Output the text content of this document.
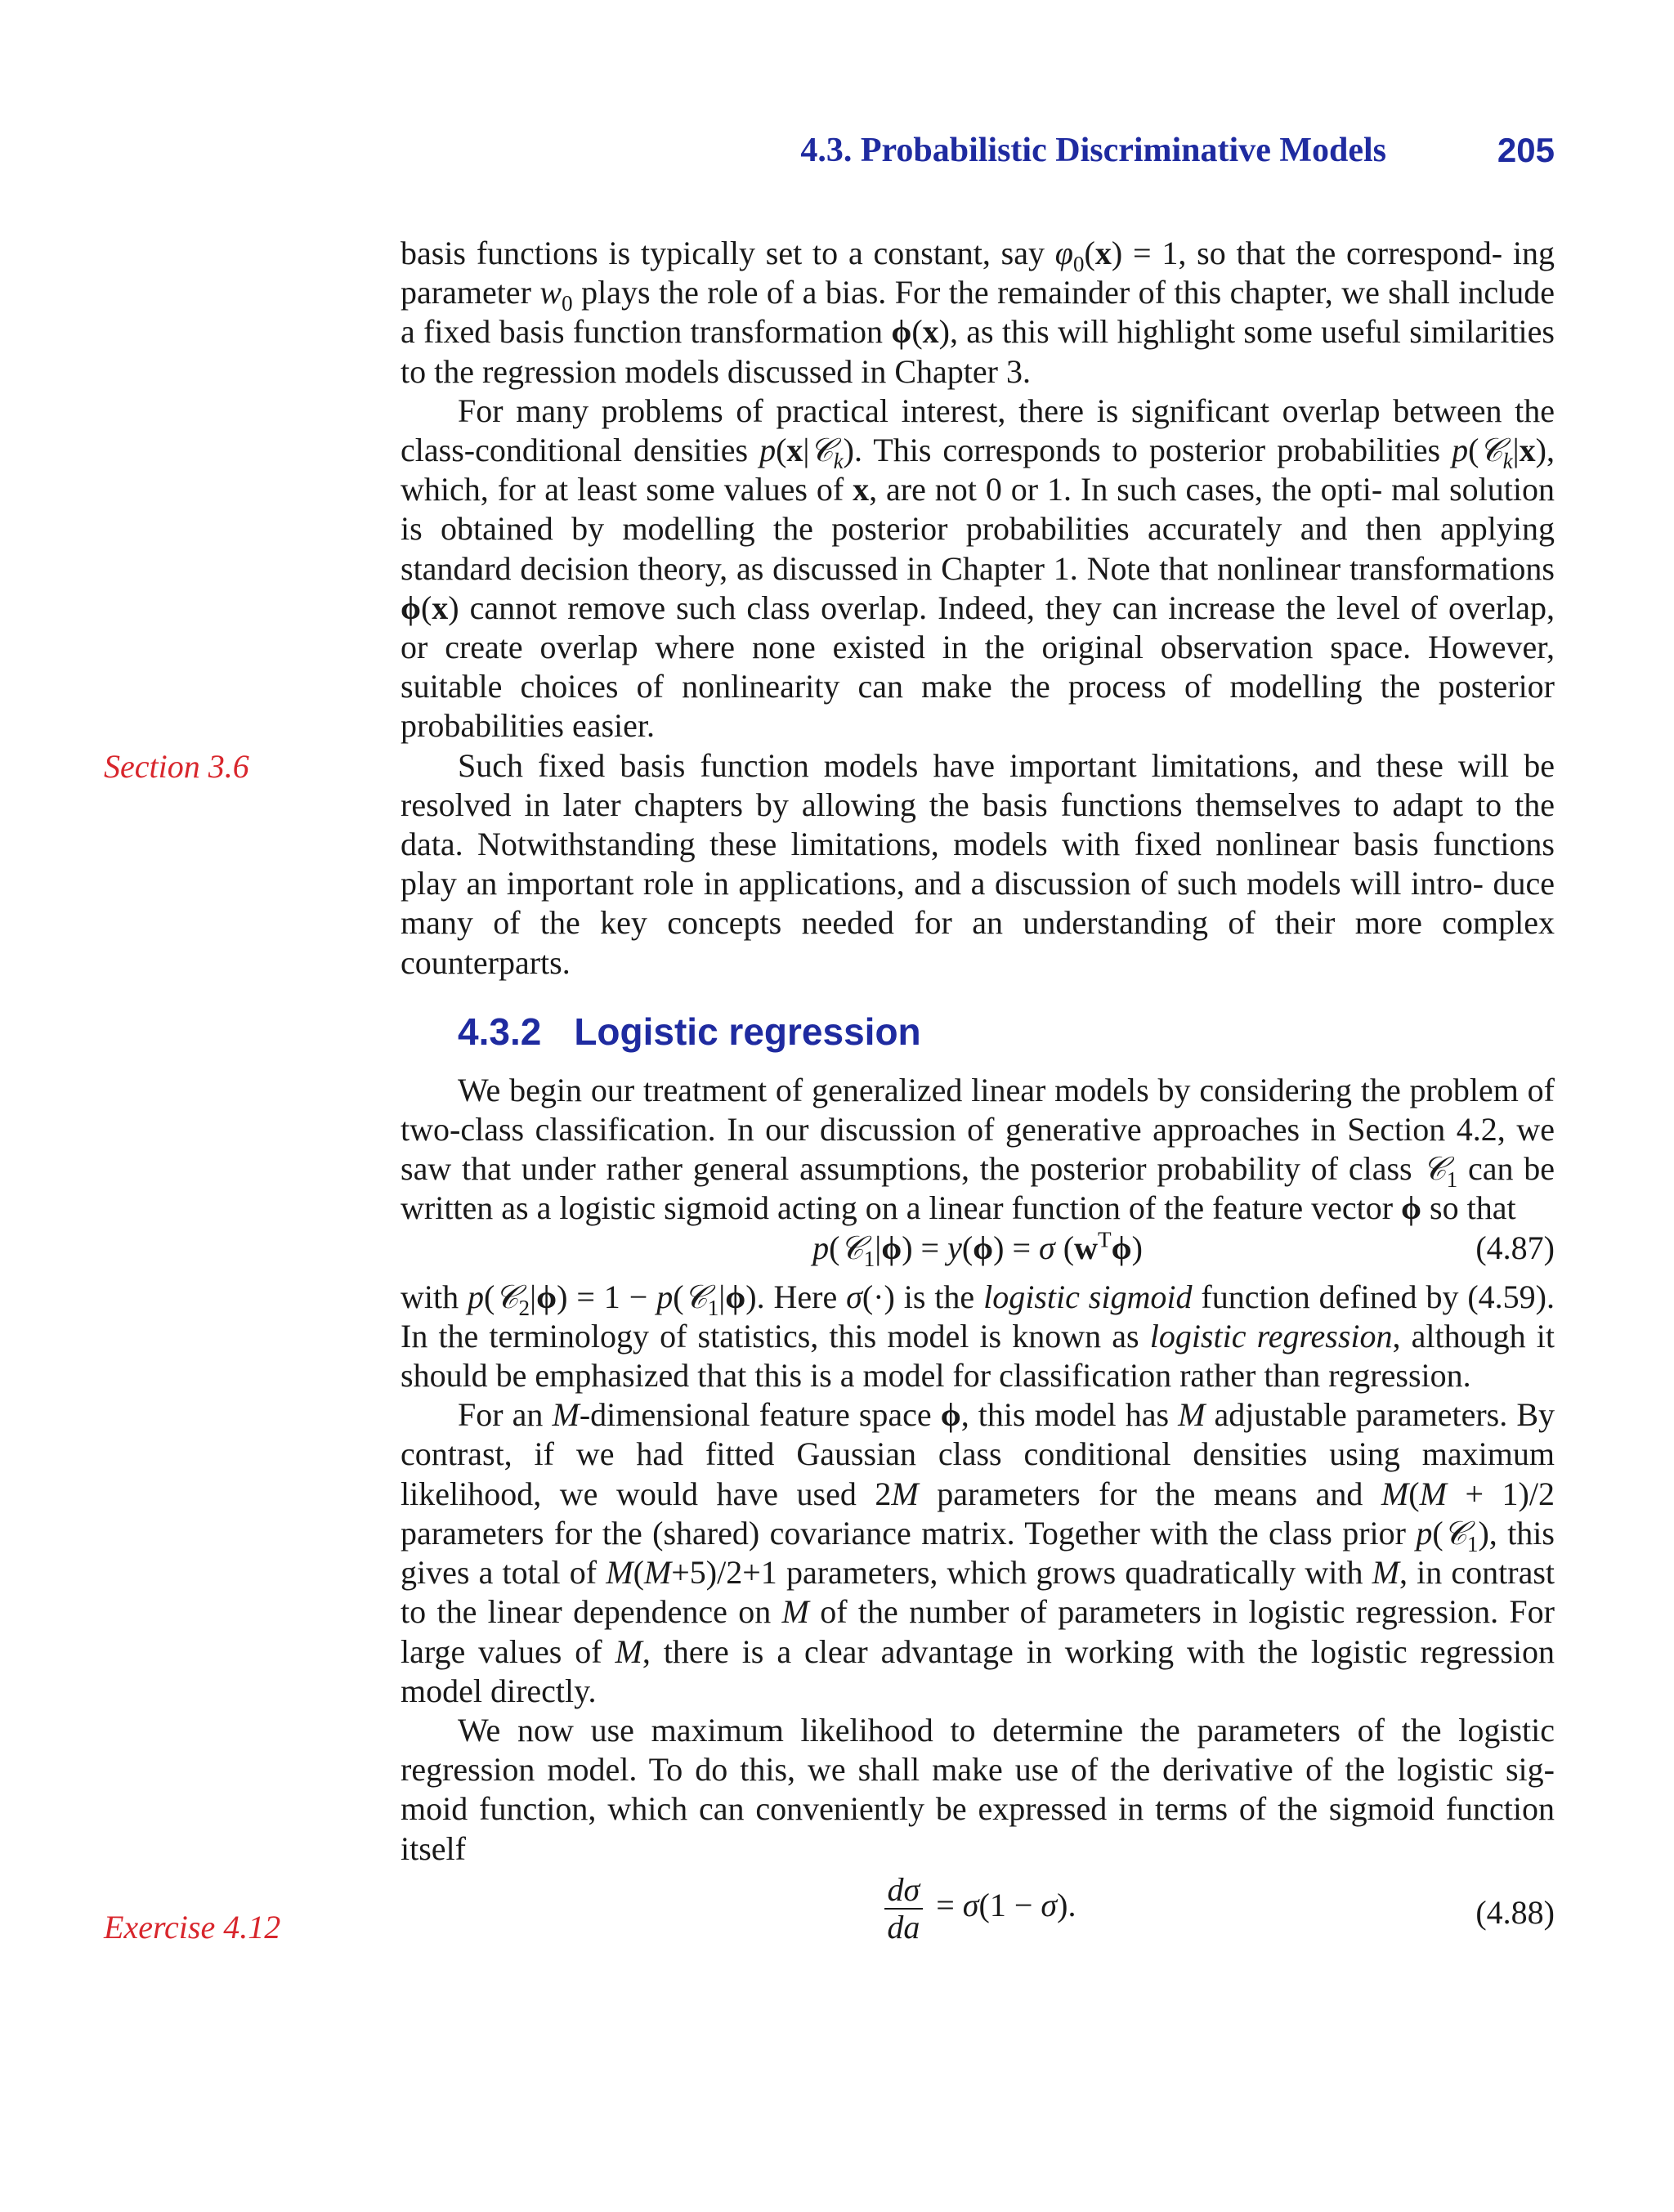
4.3. Probabilistic Discriminative Models	205
Section 3.6
Exercise 4.12

basis functions is typically set to a constant, say $\varphi_0(x) = 1$, so that the correspond- ing parameter $w_0$ plays the role of a bias. For the remainder of this chapter, we shall include a fixed basis function transformation ϕ(x), as this will highlight some useful similarities to the regression models discussed in Chapter 3.

For many problems of practical interest, there is significant overlap between the class-conditional densities p(x|𝒞$_k$). This corresponds to posterior probabilities p(𝒞$_k$|x), which, for at least some values of x, are not 0 or 1. In such cases, the opti- mal solution is obtained by modelling the posterior probabilities accurately and then applying standard decision theory, as discussed in Chapter 1. Note that nonlinear transformations ϕ(x) cannot remove such class overlap. Indeed, they can increase the level of overlap, or create overlap where none existed in the original observation space. However, suitable choices of nonlinearity can make the process of modelling the posterior probabilities easier.

Such fixed basis function models have important limitations, and these will be resolved in later chapters by allowing the basis functions themselves to adapt to the data. Notwithstanding these limitations, models with fixed nonlinear basis functions play an important role in applications, and a discussion of such models will intro- duce many of the key concepts needed for an understanding of their more complex counterparts.

4.3.2 Logistic regression

We begin our treatment of generalized linear models by considering the problem of two-class classification. In our discussion of generative approaches in Section 4.2, we saw that under rather general assumptions, the posterior probability of class 𝒞$_1$ can be written as a logistic sigmoid acting on a linear function of the feature vector ϕ so that

p(𝒞$_1$|ϕ) = y(ϕ) = σ $(w^T\phi)$	(4.87)

with p(𝒞$_2$|ϕ) = 1 − p(𝒞$_1$|ϕ). Here σ(·) is the logistic sigmoid function defined by (4.59). In the terminology of statistics, this model is known as logistic regression, although it should be emphasized that this is a model for classification rather than regression.

For an M-dimensional feature space ϕ, this model has M adjustable parameters. By contrast, if we had fitted Gaussian class conditional densities using maximum likelihood, we would have used 2M parameters for the means and M(M + 1)/2 parameters for the (shared) covariance matrix. Together with the class prior p(𝒞$_1$), this gives a total of M(M+5)/2+1 parameters, which grows quadratically with M, in contrast to the linear dependence on M of the number of parameters in logistic regression. For large values of M, there is a clear advantage in working with the logistic regression model directly.

We now use maximum likelihood to determine the parameters of the logistic regression model. To do this, we shall make use of the derivative of the logistic sig- moid function, which can conveniently be expressed in terms of the sigmoid function itself

$\frac{d\sigma}{da} = \sigma(1 - \sigma)$.	(4.88)
